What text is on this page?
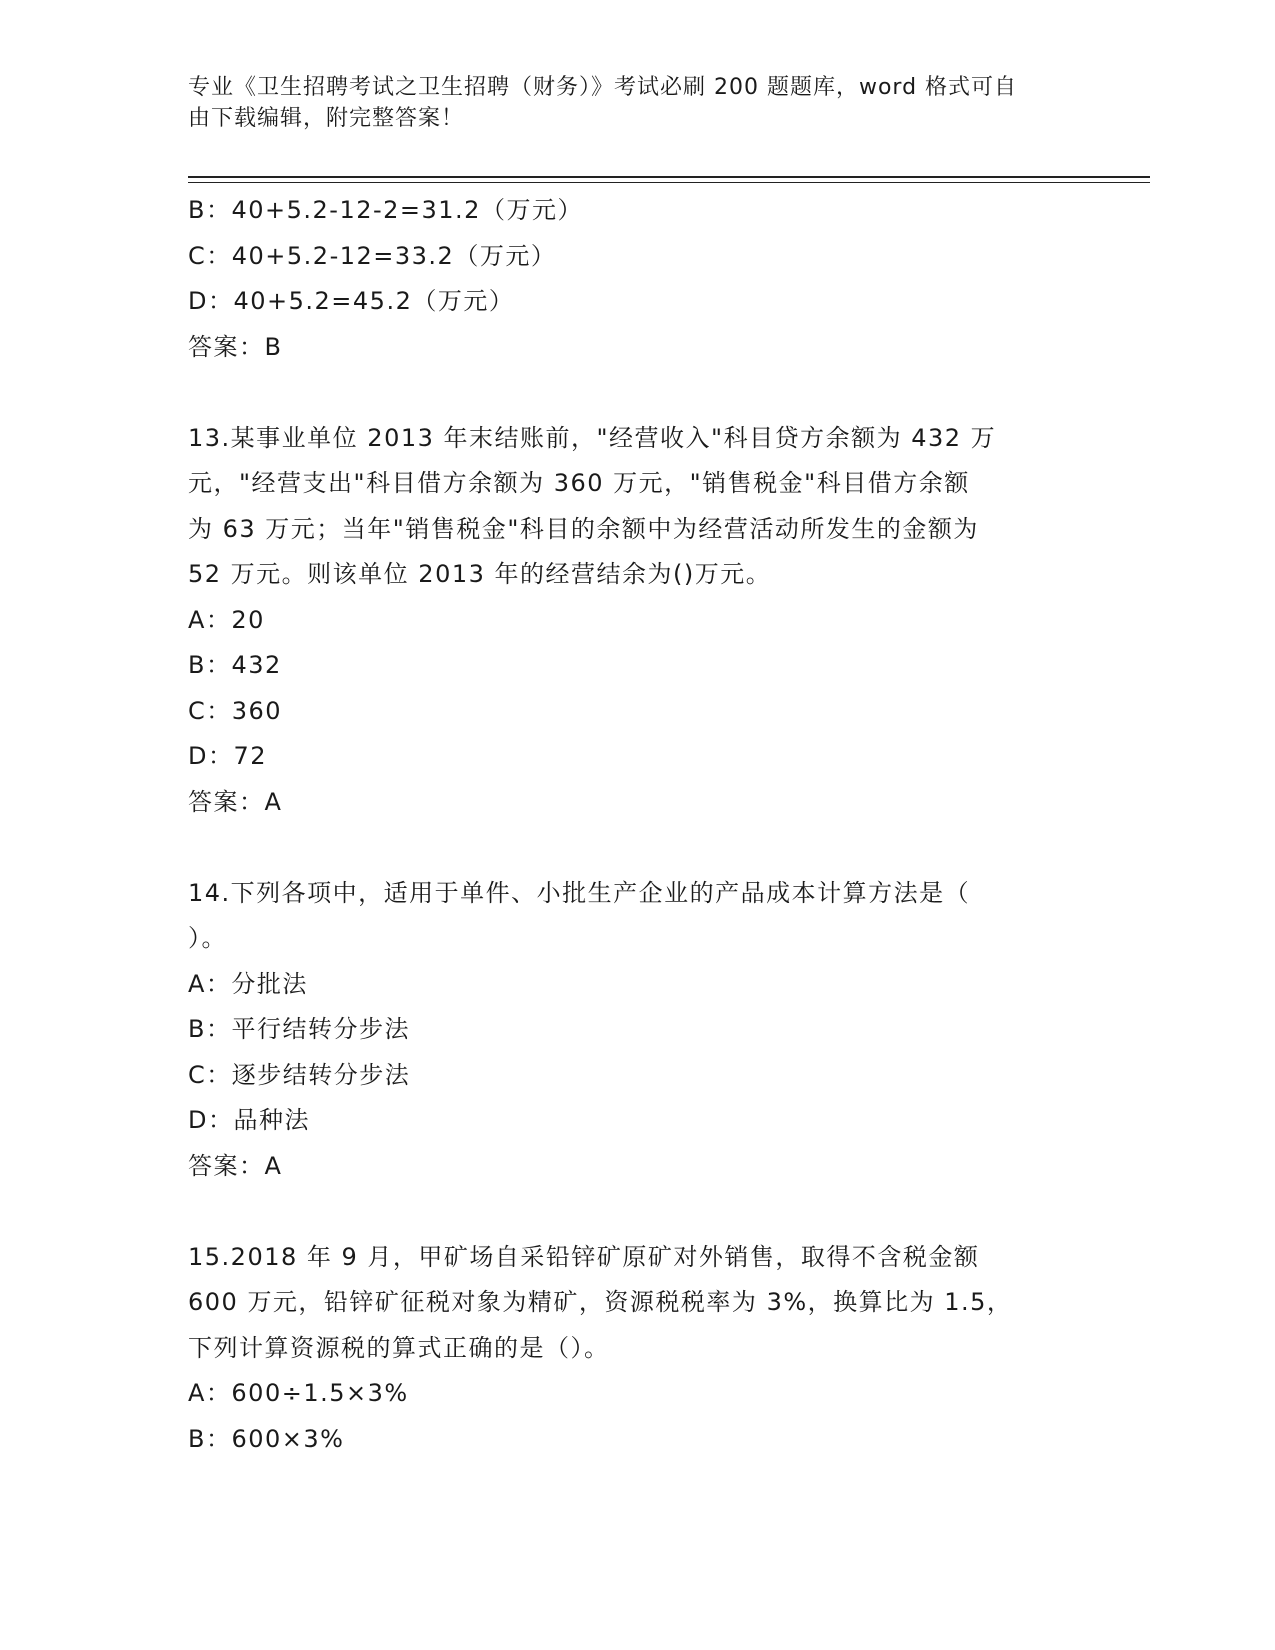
专业《卫生招聘考试之卫生招聘（财务）》考试必刷 200 题题库，word 格式可自
由下载编辑，附完整答案！
B：40+5.2-12-2=31.2（万元）
C：40+5.2-12=33.2（万元）
D：40+5.2=45.2（万元）
答案：B
13.某事业单位 2013 年末结账前，"经营收入"科目贷方余额为 432 万
元，"经营支出"科目借方余额为 360 万元，"销售税金"科目借方余额
为 63 万元；当年"销售税金"科目的余额中为经营活动所发生的金额为
52 万元。则该单位 2013 年的经营结余为()万元。
A：20
B：432
C：360
D：72
答案：A
14.下列各项中，适用于单件、小批生产企业的产品成本计算方法是（
）。
A：分批法
B：平行结转分步法
C：逐步结转分步法
D：品种法
答案：A
15.2018 年 9 月，甲矿场自采铅锌矿原矿对外销售，取得不含税金额
600 万元，铅锌矿征税对象为精矿，资源税税率为 3%，换算比为 1.5，
下列计算资源税的算式正确的是（）。
A：600÷1.5×3%
B：600×3%
